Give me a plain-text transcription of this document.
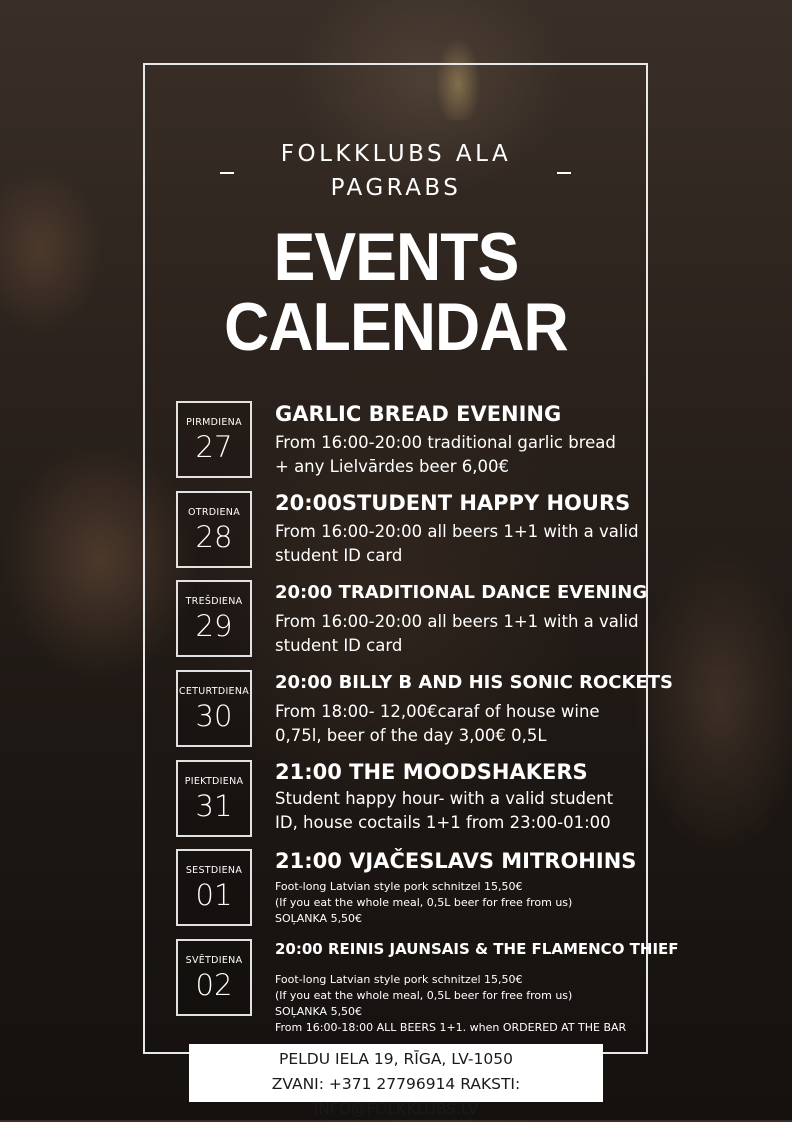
FOLKKLUBS ALA PAGRABS
EVENTS
CALENDAR
PIRMDIENA
27
GARLIC BREAD EVENING
From 16:00-20:00 traditional garlic bread
+ any Lielvārdes beer 6,00€
OTRDIENA
28
20:00STUDENT HAPPY HOURS
From 16:00-20:00 all beers 1+1 with a valid
student ID card
TREŠDIENA
29
20:00 TRADITIONAL DANCE EVENING
From 16:00-20:00 all beers 1+1 with a valid
student ID card
CETURTDIENA
30
20:00 BILLY B AND HIS SONIC ROCKETS
From 18:00- 12,00€caraf of house wine
0,75l, beer of the day 3,00€ 0,5L
PIEKTDIENA
31
21:00 THE MOODSHAKERS
Student happy hour- with a valid student
ID, house coctails 1+1 from 23:00-01:00
SESTDIENA
01
21:00 VJAČESLAVS MITROHINS
Foot-long Latvian style pork schnitzel 15,50€
(If you eat the whole meal, 0,5L beer for free from us)
SOĻANKA 5,50€
SVĒTDIENA
02
20:00 REINIS JAUNSAIS & THE FLAMENCO THIEF
Foot-long Latvian style pork schnitzel 15,50€
(If you eat the whole meal, 0,5L beer for free from us)
SOĻANKA 5,50€
From 16:00-18:00 ALL BEERS 1+1. when ORDERED AT THE BAR
PELDU IELA 19, RĪGA, LV-1050
ZVANI: +371 27796914 RAKSTI: INFO@FOLKKLUBS.LV
